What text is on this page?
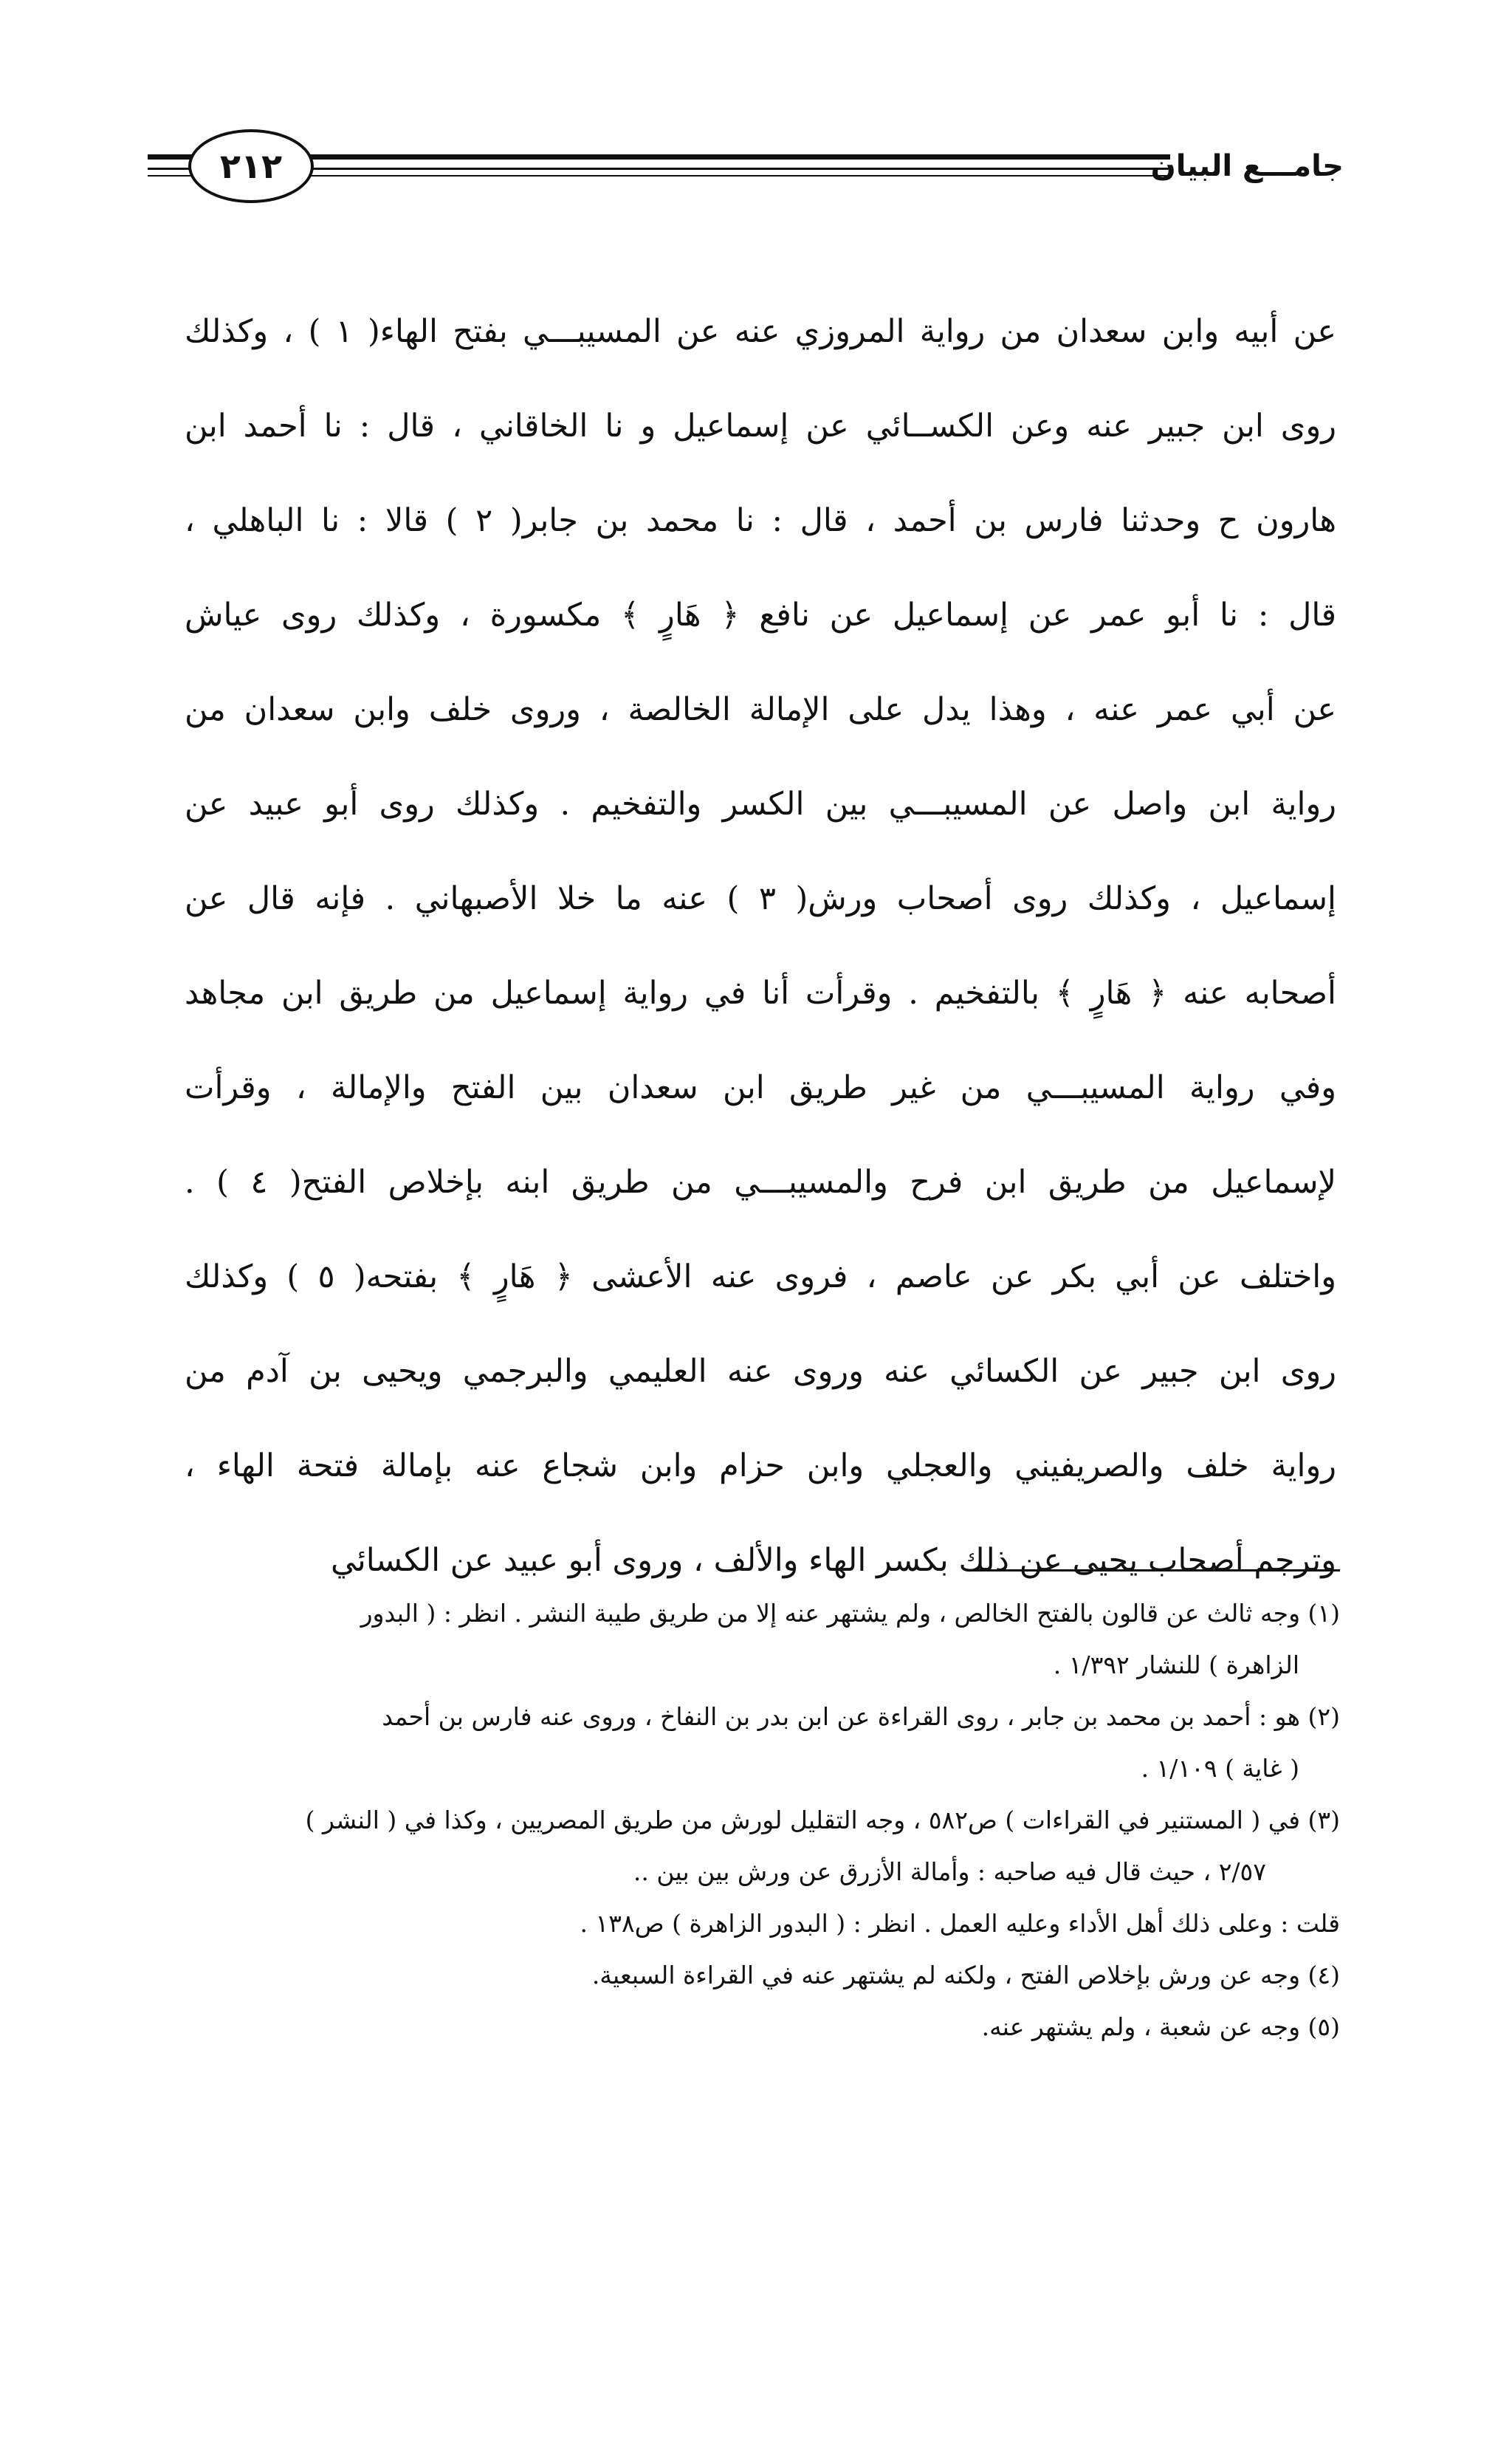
جامـــع البيان
٢١٢
عن أبيه وابن سعدان من رواية المروزي عنه عن المسيبـــي بفتح الهاء( ١ ) ، وكذلك
روى ابن جبير عنه وعن الكســائي عن إسماعيل و نا الخاقاني ، قال : نا أحمد ابن
هارون ح وحدثنا فارس بن أحمد ، قال : نا محمد بن جابر( ٢ ) قالا : نا الباهلي ،
قال : نا أبو عمر عن إسماعيل عن نافع ﴿ هَارٍ ﴾ مكسورة ، وكذلك روى عياش
عن أبي عمر عنه ، وهذا يدل على الإمالة الخالصة ، وروى خلف وابن سعدان من
رواية ابن واصل عن المسيبـــي بين الكسر والتفخيم . وكذلك روى أبو عبيد عن
إسماعيل ، وكذلك روى أصحاب ورش( ٣ ) عنه ما خلا الأصبهاني . فإنه قال عن
أصحابه عنه ﴿ هَارٍ ﴾ بالتفخيم . وقرأت أنا في رواية إسماعيل من طريق ابن مجاهد
وفي رواية المسيبـــي من غير طريق ابن سعدان بين الفتح والإمالة ، وقرأت
لإسماعيل من طريق ابن فرح والمسيبـــي من طريق ابنه بإخلاص الفتح( ٤ ) .
واختلف عن أبي بكر عن عاصم ، فروى عنه الأعشى ﴿ هَارٍ ﴾ بفتحه( ٥ ) وكذلك
روى ابن جبير عن الكسائي عنه وروى عنه العليمي والبرجمي ويحيى بن آدم من
رواية خلف والصريفيني والعجلي وابن حزام وابن شجاع عنه بإمالة فتحة الهاء ،
وترجم أصحاب يحيى عن ذلك بكسر الهاء والألف ، وروى أبو عبيد عن الكسائي
(١) وجه ثالث عن قالون بالفتح الخالص ، ولم يشتهر عنه إلا من طريق طيبة النشر . انظر : ( البدور
الزاهرة ) للنشار ١/٣٩٢ .
(٢) هو : أحمد بن محمد بن جابر ، روى القراءة عن ابن بدر بن النفاخ ، وروى عنه فارس بن أحمد
( غاية ) ١/١٠٩ .
(٣) في ( المستنير في القراءات ) ص٥٨٢ ، وجه التقليل لورش من طريق المصريين ، وكذا في ( النشر )
٢/٥٧ ، حيث قال فيه صاحبه : وأمالة الأزرق عن ورش بين بين ..
قلت : وعلى ذلك أهل الأداء وعليه العمل . انظر : ( البدور الزاهرة ) ص١٣٨ .
(٤) وجه عن ورش بإخلاص الفتح ، ولكنه لم يشتهر عنه في القراءة السبعية.
(٥) وجه عن شعبة ، ولم يشتهر عنه.
